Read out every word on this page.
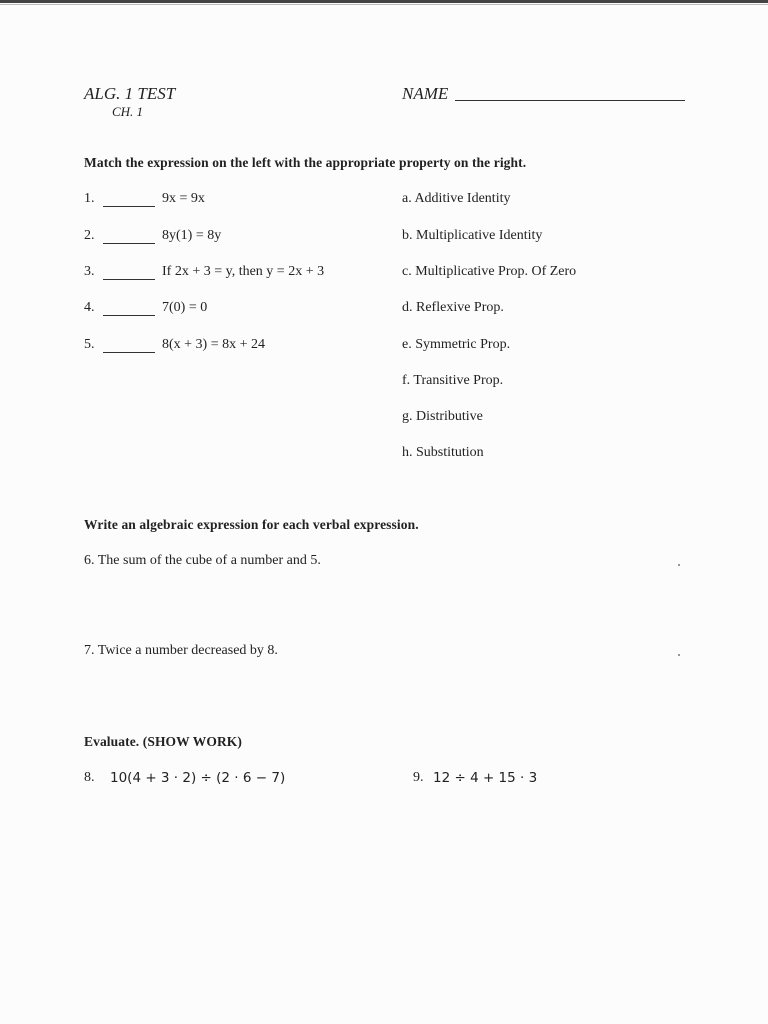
ALG. 1 TEST
CH. 1
NAME
Match the expression on the left with the appropriate property on the right.
1.	9x = 9x
2.	8y(1) = 8y
3.	If 2x + 3 = y, then y = 2x + 3
4.	7(0) = 0
5.	8(x + 3) = 8x + 24
a. Additive Identity
b. Multiplicative Identity
c. Multiplicative Prop. Of Zero
d. Reflexive Prop.
e. Symmetric Prop.
f. Transitive Prop.
g. Distributive
h. Substitution
Write an algebraic expression for each verbal expression.
6. The sum of the cube of a number and 5.
7. Twice a number decreased by 8.
Evaluate. (SHOW WORK)
8. 10(4 + 3 · 2) ÷ (2 · 6 − 7)	9. 12 ÷ 4 + 15 · 3
